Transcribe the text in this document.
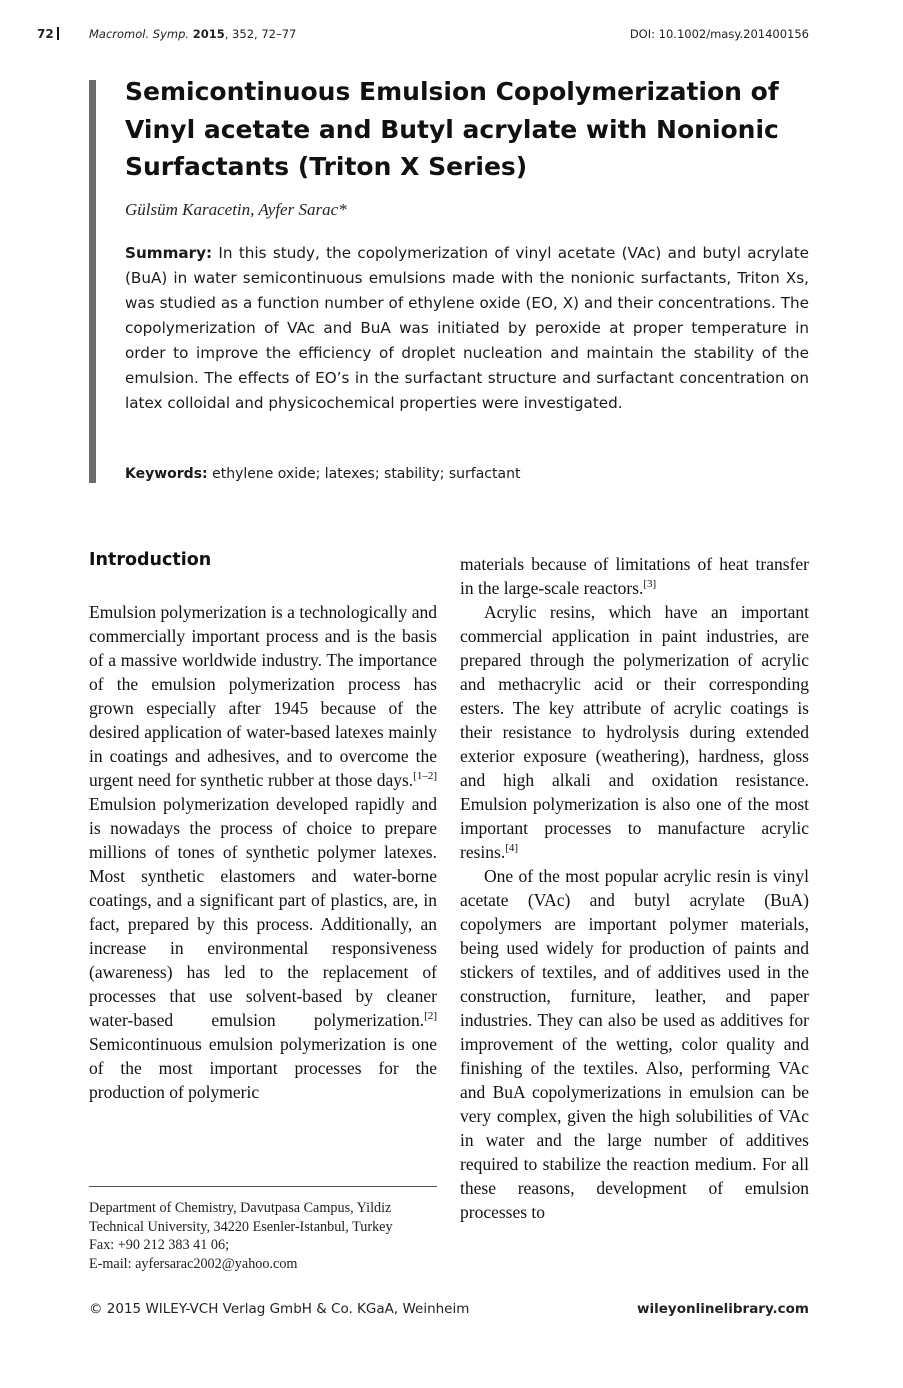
72	Macromol. Symp. 2015, 352, 72–77	DOI: 10.1002/masy.201400156
Semicontinuous Emulsion Copolymerization of Vinyl acetate and Butyl acrylate with Nonionic Surfactants (Triton X Series)
Gülsüm Karacetin, Ayfer Sarac*

Summary: In this study, the copolymerization of vinyl acetate (VAc) and butyl acrylate (BuA) in water semicontinuous emulsions made with the nonionic surfactants, Triton Xs, was studied as a function number of ethylene oxide (EO, X) and their concentrations. The copolymerization of VAc and BuA was initiated by peroxide at proper temperature in order to improve the efficiency of droplet nucleation and maintain the stability of the emulsion. The effects of EO’s in the surfactant structure and surfactant concentration on latex colloidal and physicochemical properties were investigated.

Keywords: ethylene oxide; latexes; stability; surfactant
Introduction

Emulsion polymerization is a technologically and commercially important process and is the basis of a massive worldwide industry. The importance of the emulsion polymerization process has grown especially after 1945 because of the desired application of water-based latexes mainly in coatings and adhesives, and to overcome the urgent need for synthetic rubber at those days.[1–2] Emulsion polymerization developed rapidly and is nowadays the process of choice to prepare millions of tones of synthetic polymer latexes. Most synthetic elastomers and water-borne coatings, and a significant part of plastics, are, in fact, prepared by this process. Additionally, an increase in environmental responsiveness (awareness) has led to the replacement of processes that use solvent-based by cleaner water-based emulsion polymerization.[2] Semicontinuous emulsion polymerization is one of the most important processes for the production of polymeric

materials because of limitations of heat transfer in the large-scale reactors.[3]

Acrylic resins, which have an important commercial application in paint industries, are prepared through the polymerization of acrylic and methacrylic acid or their corresponding esters. The key attribute of acrylic coatings is their resistance to hydrolysis during extended exterior exposure (weathering), hardness, gloss and high alkali and oxidation resistance. Emulsion polymerization is also one of the most important processes to manufacture acrylic resins.[4]

One of the most popular acrylic resin is vinyl acetate (VAc) and butyl acrylate (BuA) copolymers are important polymer materials, being used widely for production of paints and stickers of textiles, and of additives used in the construction, furniture, leather, and paper industries. They can also be used as additives for improvement of the wetting, color quality and finishing of the textiles. Also, performing VAc and BuA copolymerizations in emulsion can be very complex, given the high solubilities of VAc in water and the large number of additives required to stabilize the reaction medium. For all these reasons, development of emulsion processes to

Department of Chemistry, Davutpasa Campus, Yildiz
Technical University, 34220 Esenler-Istanbul, Turkey
Fax: +90 212 383 41 06;
E-mail: ayfersarac2002@yahoo.com
© 2015 WILEY-VCH Verlag GmbH & Co. KGaA, Weinheim	wileyonlinelibrary.com
